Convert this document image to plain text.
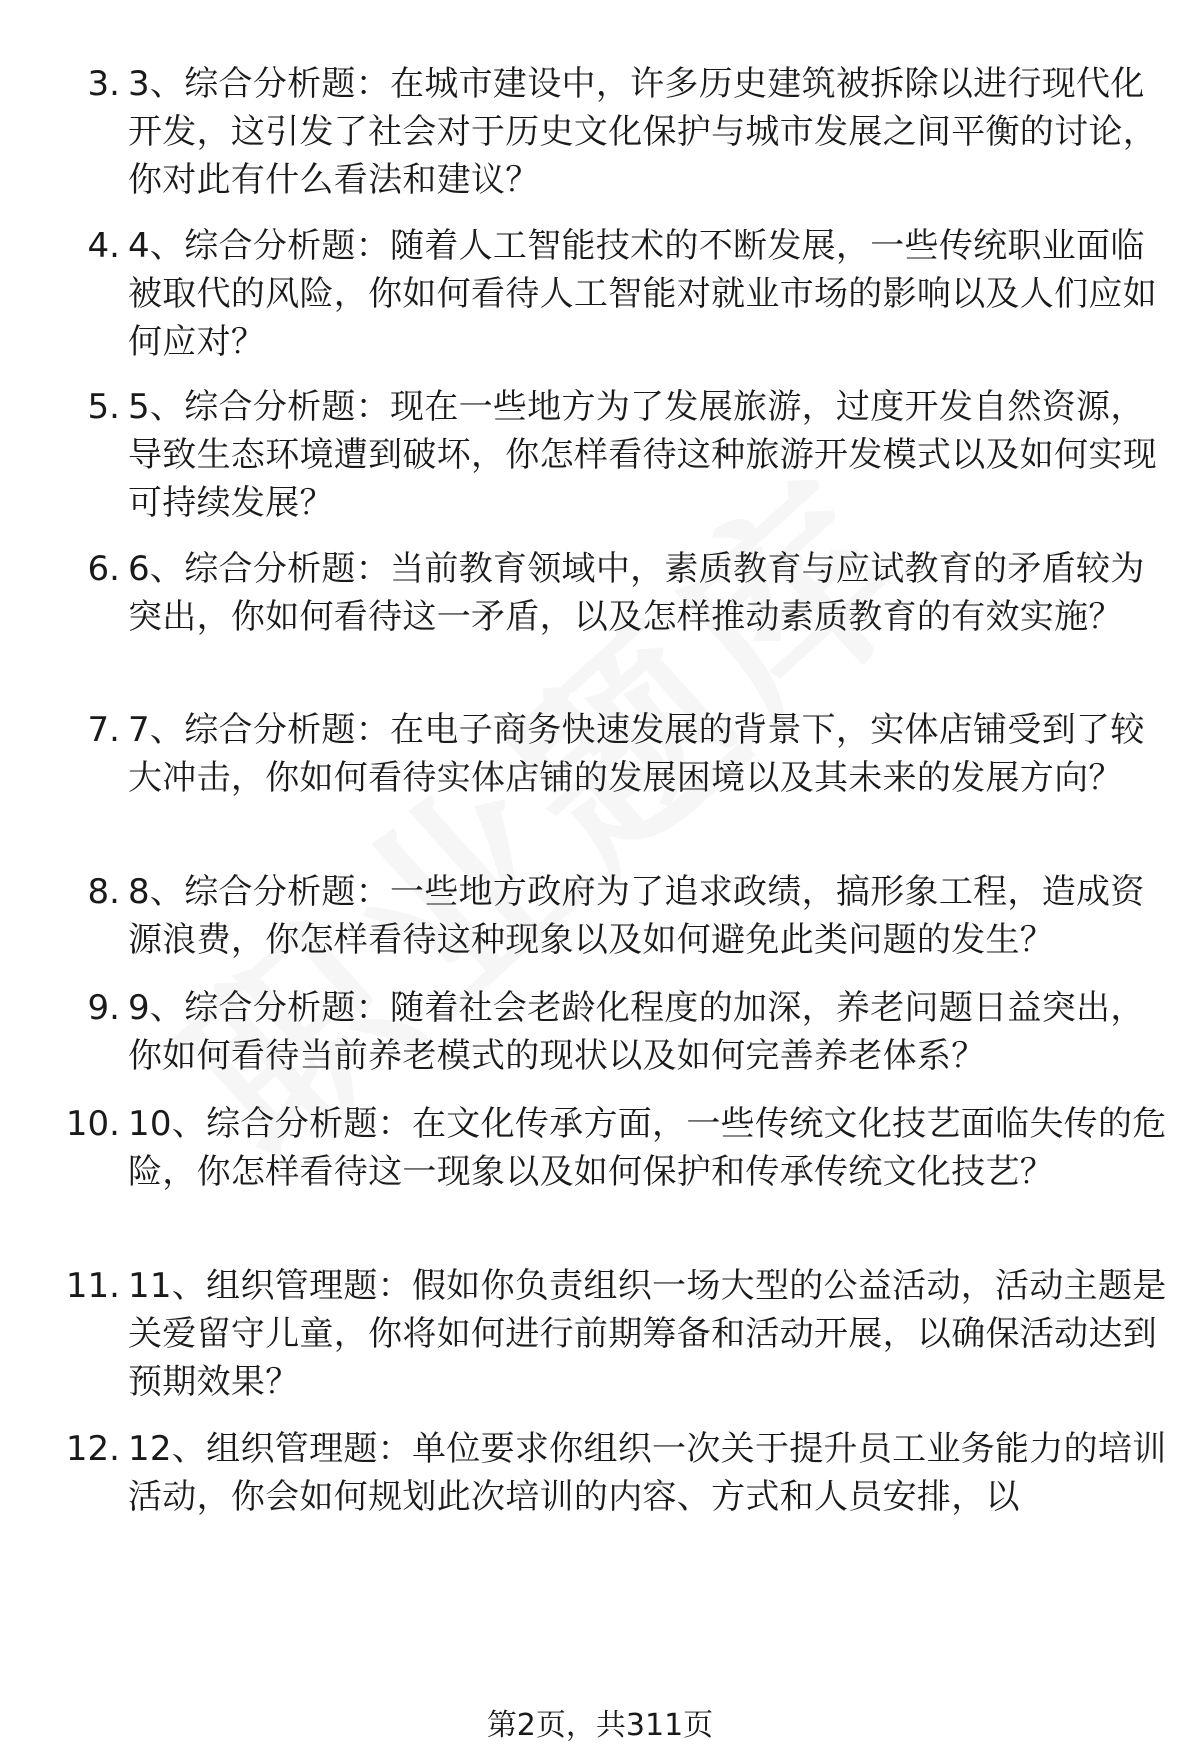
3. 3、综合分析题：在城市建设中，许多历史建筑被拆除以进行现代化开发，这引发了社会对于历史文化保护与城市发展之间平衡的讨论，你对此有什么看法和建议？
4. 4、综合分析题：随着人工智能技术的不断发展，一些传统职业面临被取代的风险，你如何看待人工智能对就业市场的影响以及人们应如何应对？
5. 5、综合分析题：现在一些地方为了发展旅游，过度开发自然资源，导致生态环境遭到破坏，你怎样看待这种旅游开发模式以及如何实现可持续发展？
6. 6、综合分析题：当前教育领域中，素质教育与应试教育的矛盾较为突出，你如何看待这一矛盾，以及怎样推动素质教育的有效实施？
7. 7、综合分析题：在电子商务快速发展的背景下，实体店铺受到了较大冲击，你如何看待实体店铺的发展困境以及其未来的发展方向？
8. 8、综合分析题：一些地方政府为了追求政绩，搞形象工程，造成资源浪费，你怎样看待这种现象以及如何避免此类问题的发生？
9. 9、综合分析题：随着社会老龄化程度的加深，养老问题日益突出，你如何看待当前养老模式的现状以及如何完善养老体系？
10. 10、综合分析题：在文化传承方面，一些传统文化技艺面临失传的危险，你怎样看待这一现象以及如何保护和传承传统文化技艺？
11. 11、组织管理题：假如你负责组织一场大型的公益活动，活动主题是关爱留守儿童，你将如何进行前期筹备和活动开展，以确保活动达到预期效果？
12. 12、组织管理题：单位要求你组织一次关于提升员工业务能力的培训活动，你会如何规划此次培训的内容、方式和人员安排，以
第2页，共311页
